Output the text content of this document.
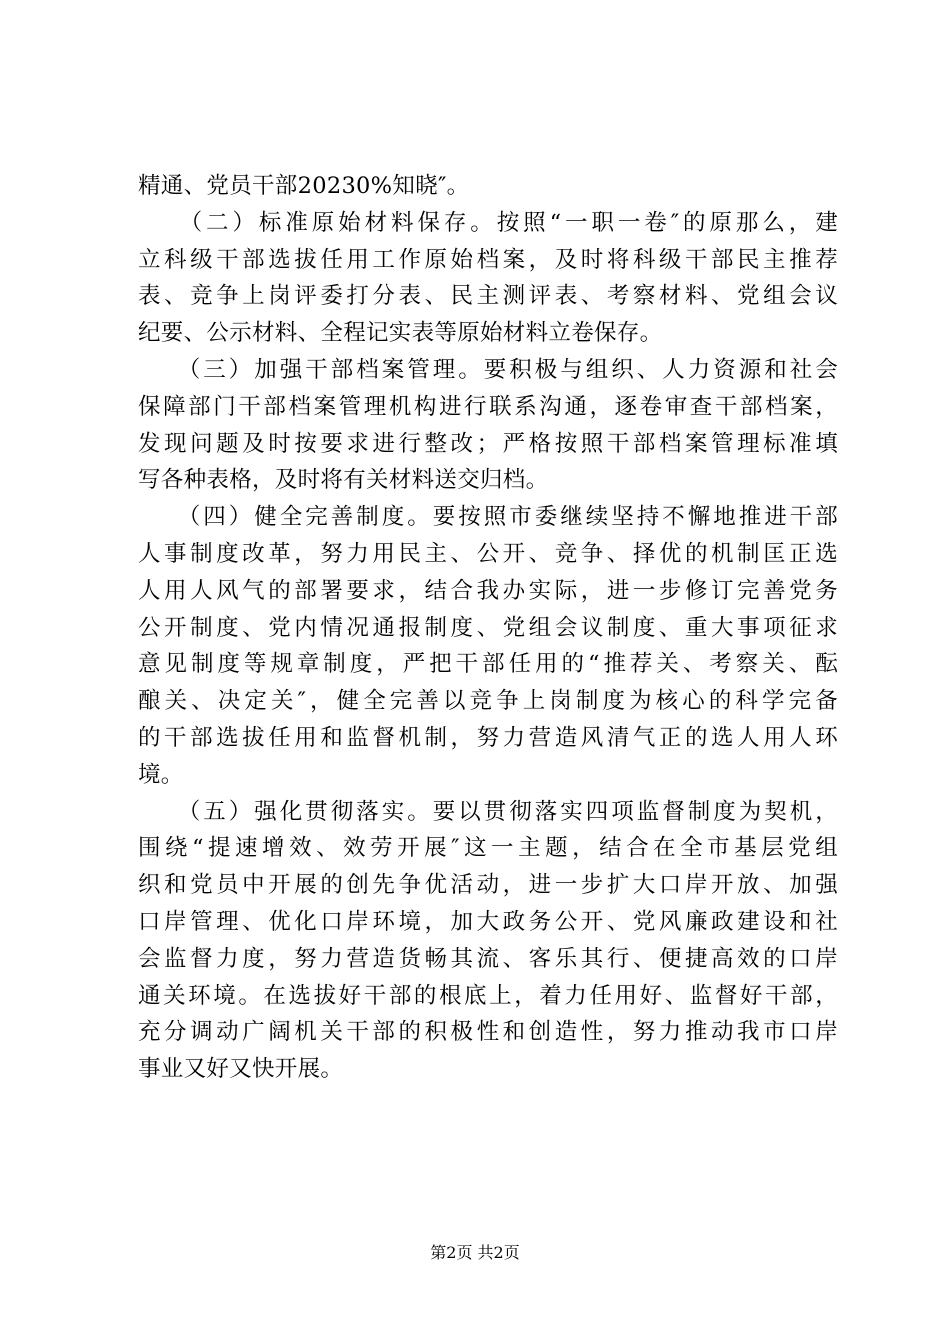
精通、党员干部20230%知晓″。
　　（二）标准原始材料保存。按照“一职一卷″的原那么，建
立科级干部选拔任用工作原始档案，及时将科级干部民主推荐
表、竞争上岗评委打分表、民主测评表、考察材料、党组会议
纪要、公示材料、全程记实表等原始材料立卷保存。
　　（三）加强干部档案管理。要积极与组织、人力资源和社会
保障部门干部档案管理机构进行联系沟通，逐卷审查干部档案，
发现问题及时按要求进行整改；严格按照干部档案管理标准填
写各种表格，及时将有关材料送交归档。
　　（四）健全完善制度。要按照市委继续坚持不懈地推进干部
人事制度改革，努力用民主、公开、竞争、择优的机制匡正选
人用人风气的部署要求，结合我办实际，进一步修订完善党务
公开制度、党内情况通报制度、党组会议制度、重大事项征求
意见制度等规章制度，严把干部任用的“推荐关、考察关、酝
酿关、决定关″，健全完善以竞争上岗制度为核心的科学完备
的干部选拔任用和监督机制，努力营造风清气正的选人用人环
境。
　　（五）强化贯彻落实。要以贯彻落实四项监督制度为契机，
围绕“提速增效、效劳开展″这一主题，结合在全市基层党组
织和党员中开展的创先争优活动，进一步扩大口岸开放、加强
口岸管理、优化口岸环境，加大政务公开、党风廉政建设和社
会监督力度，努力营造货畅其流、客乐其行、便捷高效的口岸
通关环境。在选拔好干部的根底上，着力任用好、监督好干部，
充分调动广阔机关干部的积极性和创造性，努力推动我市口岸
事业又好又快开展。
第2页 共2页
